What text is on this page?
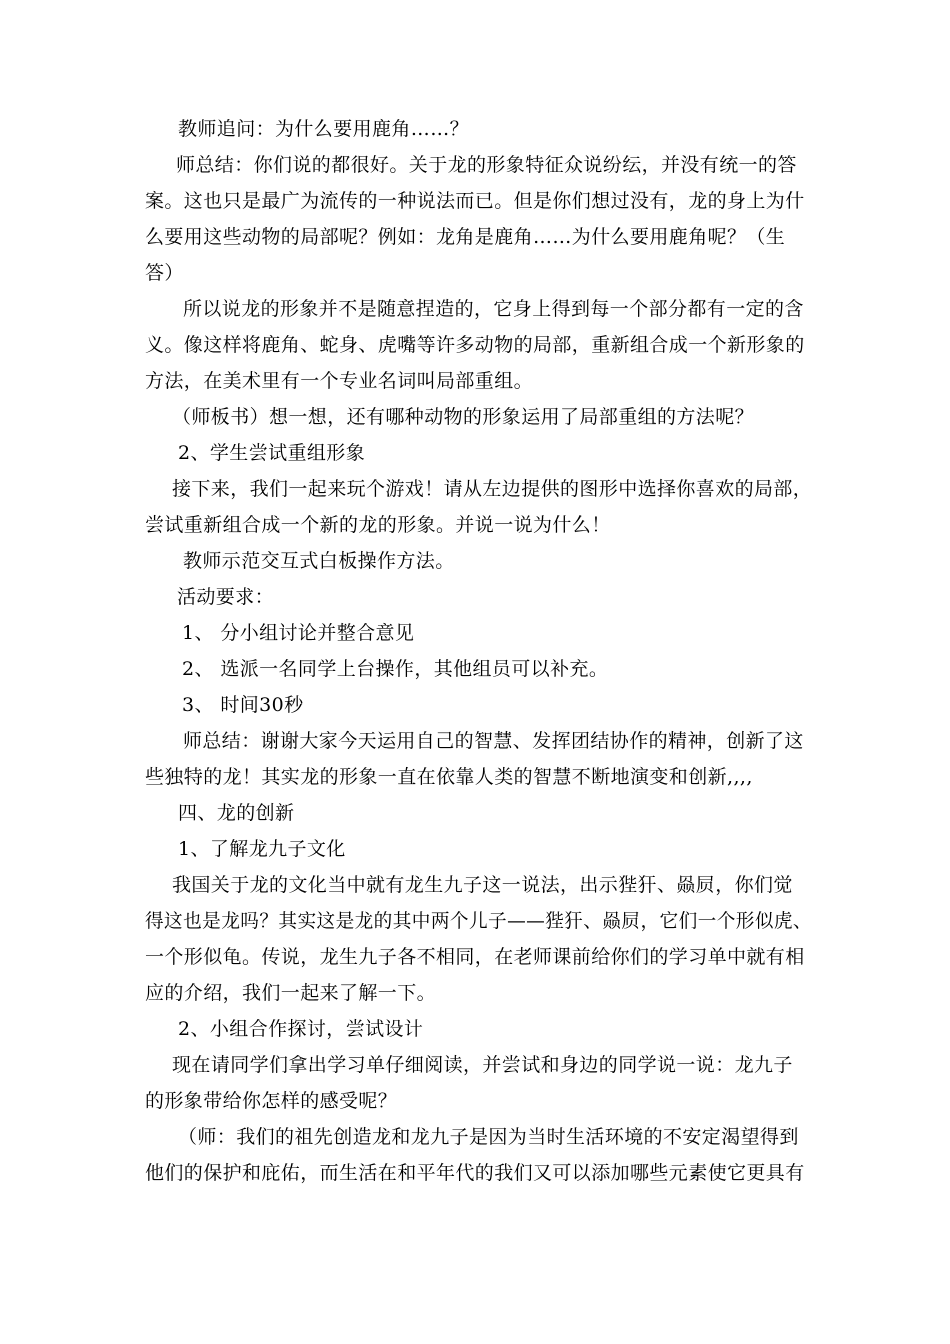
教师追问：为什么要用鹿角……？
师总结：你们说的都很好。关于龙的形象特征众说纷纭，并没有统一的答
案。这也只是最广为流传的一种说法而已。但是你们想过没有，龙的身上为什
么要用这些动物的局部呢？例如：龙角是鹿角……为什么要用鹿角呢？（生
答）
所以说龙的形象并不是随意捏造的，它身上得到每一个部分都有一定的含
义。像这样将鹿角、蛇身、虎嘴等许多动物的局部，重新组合成一个新形象的
方法，在美术里有一个专业名词叫局部重组。
（师板书）想一想，还有哪种动物的形象运用了局部重组的方法呢？
2、学生尝试重组形象
接下来，我们一起来玩个游戏！请从左边提供的图形中选择你喜欢的局部，
尝试重新组合成一个新的龙的形象。并说一说为什么！
教师示范交互式白板操作方法。
活动要求：
1、 分小组讨论并整合意见
2、 选派一名同学上台操作，其他组员可以补充。
3、 时间30秒
师总结：谢谢大家今天运用自己的智慧、发挥团结协作的精神，创新了这
些独特的龙！其实龙的形象一直在依靠人类的智慧不断地演变和创新,,,,
四、龙的创新
1、了解龙九子文化
我国关于龙的文化当中就有龙生九子这一说法，出示狴犴、赑屃，你们觉
得这也是龙吗？其实这是龙的其中两个儿子——狴犴、赑屃，它们一个形似虎、
一个形似龟。传说，龙生九子各不相同，在老师课前给你们的学习单中就有相
应的介绍，我们一起来了解一下。
2、小组合作探讨，尝试设计
现在请同学们拿出学习单仔细阅读，并尝试和身边的同学说一说：龙九子
的形象带给你怎样的感受呢？
（师：我们的祖先创造龙和龙九子是因为当时生活环境的不安定渴望得到
他们的保护和庇佑，而生活在和平年代的我们又可以添加哪些元素使它更具有
